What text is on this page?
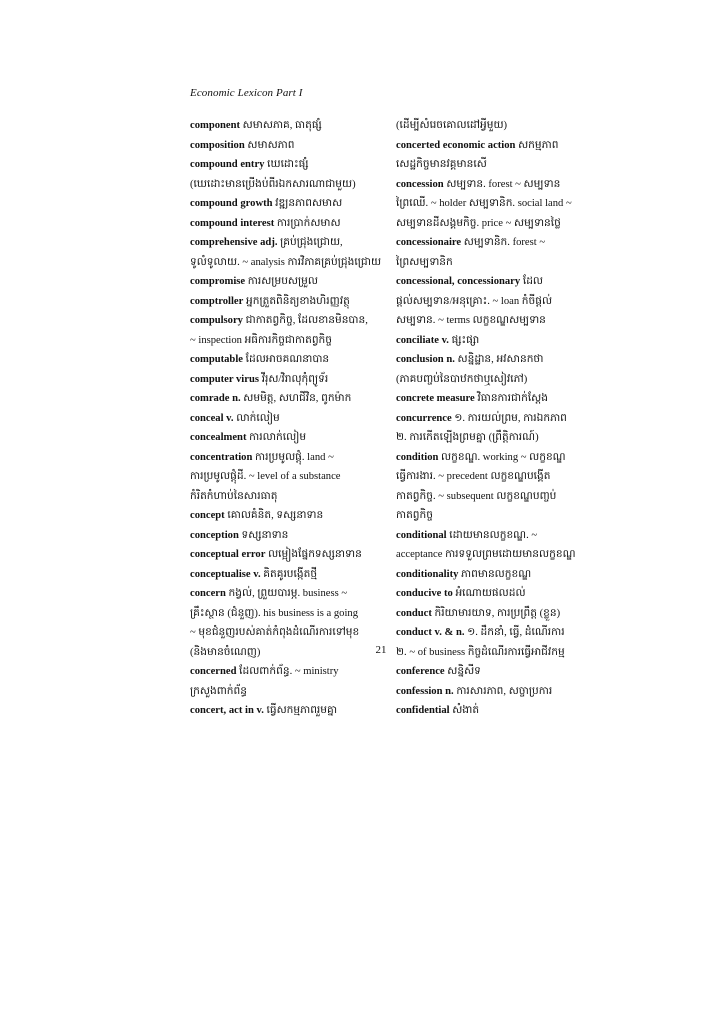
Economic Lexicon Part I
component សមាសភាគ, ធាតុផ្សំ
composition សមាសភាព
compound entry ឃេដោះផ្សំ
(ឃេដោះមានប្រើងប់ពីរឯកសារណាជាមួយ)
compound growth វឌ្ឍនភាពសមាស
compound interest ការប្រាក់សមាស
comprehensive adj. គ្រប់ជ្រុងជ្រោយ,
ទូលំទូលាយ. ~ analysis ការវិភាគគ្រប់ជ្រុងជ្រោយ
compromise ការសម្របសម្រួល
comptroller អ្នកត្រួតពិនិត្យខាងហិរញ្ញវត្ថុ
compulsory ជាកាតព្វកិច្ច, ដែលខានមិនបាន,
~ inspection អធិការកិច្ចជាកាតព្វកិច្ច
computable ដែលអាចគណនាបាន
computer virus វីរុស/វិរាលុកុំព្យូទ័រ
comrade n. សមមិត្ត, សហជីវិន, ពូកម៉ាក
conceal v. លាក់លៀម
concealment ការលាក់លៀម
concentration ការប្រមូលផ្តុំ. land ~
ការប្រមូលផ្តុំដី. ~ level of a substance
កំរិតកំហាប់នៃសារធាតុ
concept គោលគំនិត, ទស្សនាទាន
conception ទស្សនាទាន
conceptual error លម្អៀងផ្នែកទស្សនាទាន
conceptualise v. គិតគូរបង្កើតថ្មី
concern កង្វល់, ព្រួយបារម្ភ. business ~
គ្រឹះស្ថាន (ជំនួញ). his business is a going
~ មុខជំនួញរបស់គាត់កំពុងដំណើរការទៅមុខ
(និងមានចំណេញ)
concerned ដែលពាក់ព័ន្ធ. ~ ministry
ក្រសួងពាក់ព័ន្ធ
concert, act in v. ធ្វើសកម្មភាពរួមគ្នា
(ដើម្បីសំរេចគោលដៅអ្វីមួយ)
concerted economic action សកម្មភាព
សេដ្ឋកិច្ចមានវគ្គមានសើ
concession សម្បទាន. forest ~ សម្បទាន
ព្រៃឈើ. ~ holder សម្បទានិក. social land ~
សម្បទានដីសង្គមកិច្ច. price ~ សម្បទានថ្លៃ
concessionaire សម្បទានិក. forest ~
ព្រៃសម្បទានិក
concessional, concessionary ដែល
ផ្តល់សម្បទាន/អនុគ្រោះ. ~ loan កំចីផ្តល់
សម្បទាន. ~ terms លក្ខខណ្ឌសម្បទាន
conciliate v. ផ្សះផ្សា
conclusion n. សន្និដ្ឋាន, អវសានកថា
(ភាគបញ្ចប់នៃបាឋកថាឬសៀវភៅ)
concrete measure វិធានការជាក់ស្តែង
concurrence ១. ការយល់ព្រម, ការឯកភាព
២. ការកើតឡើងព្រមគ្នា (ព្រឹត្តិការណ៍)
condition លក្ខខណ្ឌ. working ~ លក្ខខណ្ឌ
ធ្វើការងារ. ~ precedent លក្ខខណ្ឌបង្គើត
កាតព្វកិច្ច. ~ subsequent លក្ខខណ្ឌបញ្ចប់
កាតព្វកិច្ច
conditional ដោយមានលក្ខខណ្ឌ. ~
acceptance ការទទួលព្រមដោយមានលក្ខខណ្ឌ
conditionality ភាពមានលក្ខខណ្ឌ
conducive to អំណោយផលដល់
conduct កិរិយាមារយាទ, ការប្រព្រឹត្ត (ខ្លួន)
conduct v. & n. ១. ដឹកនាំ, ធ្វើ, ដំណើរការ
២. ~ of business កិច្ចដំណើរការធ្វើអាជីវកម្ម
conference សន្និសីទ
confession n. ការសារភាព, សច្ចាប្រការ
confidential សំងាត់
21
